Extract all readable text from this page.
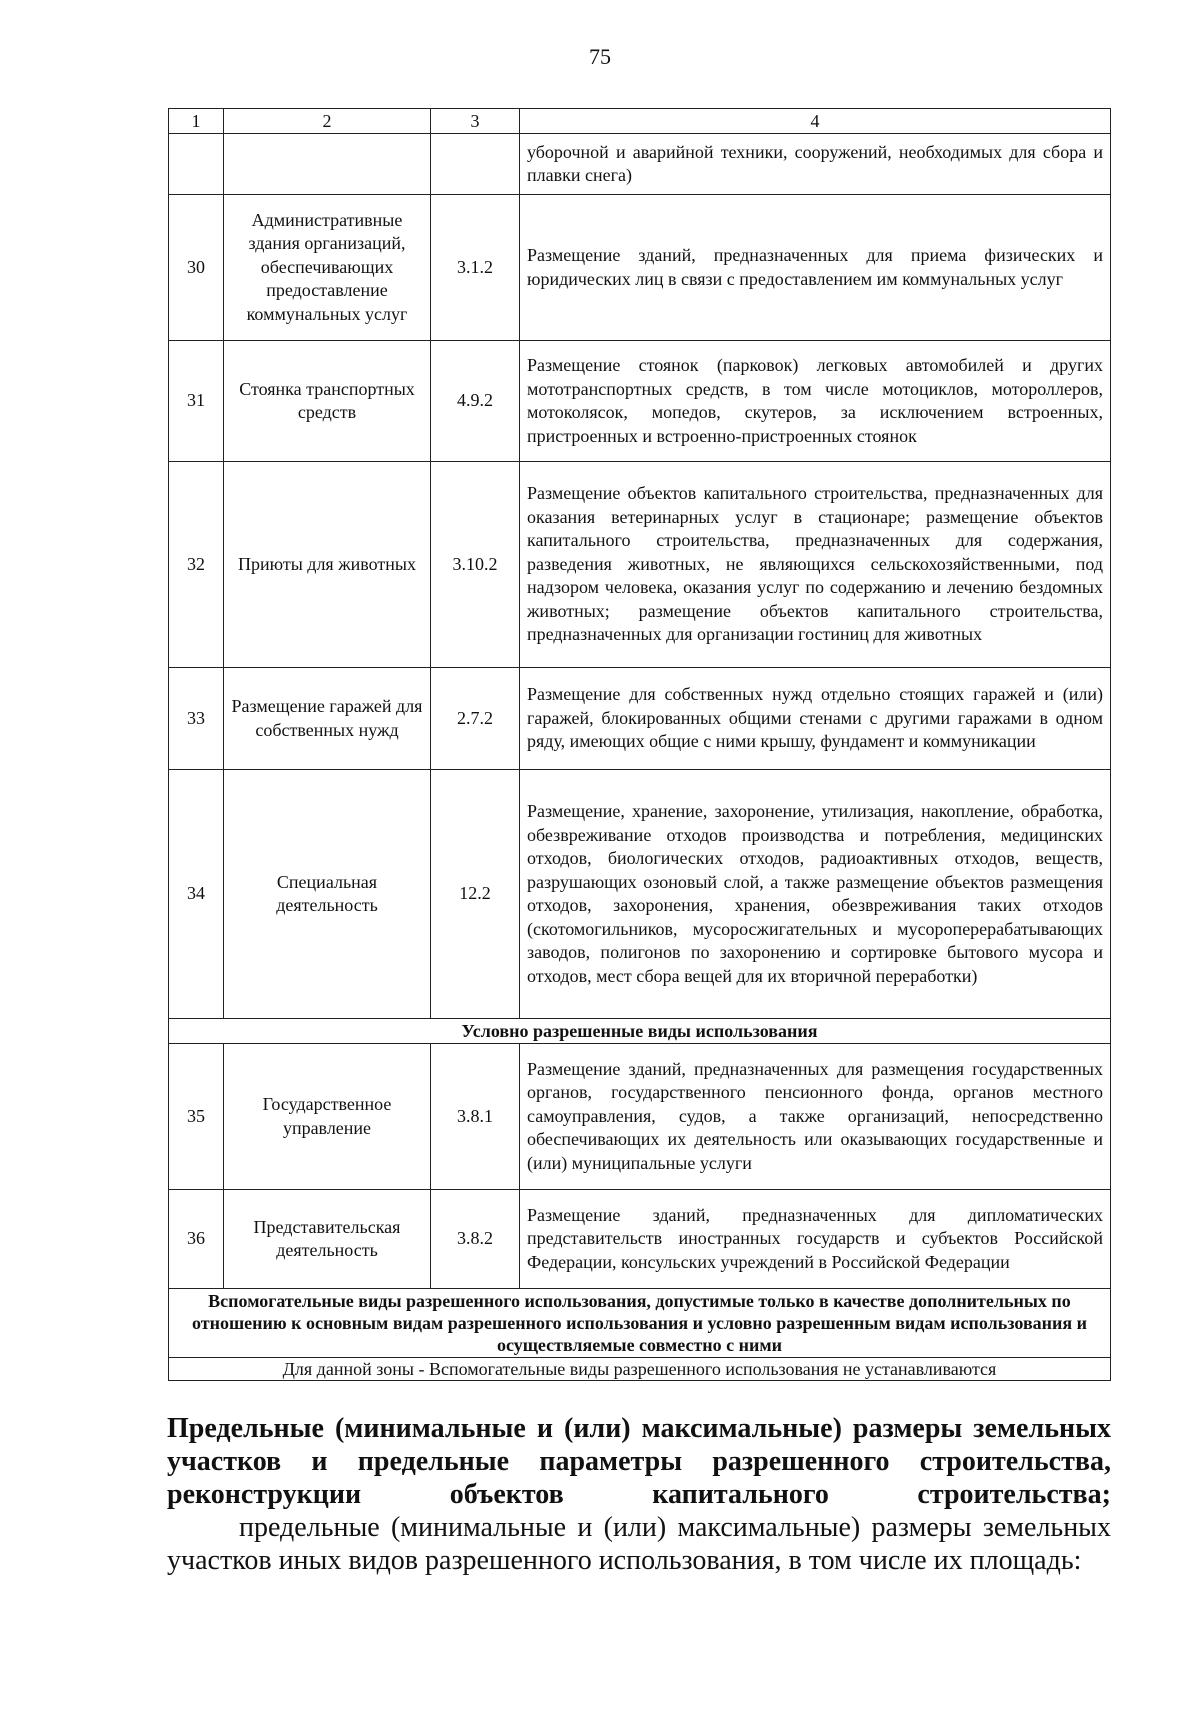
75
1	2	3	4
			уборочной и аварийной техники, сооружений, необходимых для сбора и плавки снега)
30	Административные здания организаций, обеспечивающих предоставление коммунальных услуг	3.1.2	Размещение зданий, предназначенных для приема физических и юридических лиц в связи с предоставлением им коммунальных услуг
31	Стоянка транспортных средств	4.9.2	Размещение стоянок (парковок) легковых автомобилей и других мототранспортных средств, в том числе мотоциклов, мотороллеров, мотоколясок, мопедов, скутеров, за исключением встроенных, пристроенных и встроенно-пристроенных стоянок
32	Приюты для животных	3.10.2	Размещение объектов капитального строительства, предназначенных для оказания ветеринарных услуг в стационаре; размещение объектов капитального строительства, предназначенных для содержания, разведения животных, не являющихся сельскохозяйственными, под надзором человека, оказания услуг по содержанию и лечению бездомных животных; размещение объектов капитального строительства, предназначенных для организации гостиниц для животных
33	Размещение гаражей для собственных нужд	2.7.2	Размещение для собственных нужд отдельно стоящих гаражей и (или) гаражей, блокированных общими стенами с другими гаражами в одном ряду, имеющих общие с ними крышу, фундамент и коммуникации
34	Специальная деятельность	12.2	Размещение, хранение, захоронение, утилизация, накопление, обработка, обезвреживание отходов производства и потребления, медицинских отходов, биологических отходов, радиоактивных отходов, веществ, разрушающих озоновый слой, а также размещение объектов размещения отходов, захоронения, хранения, обезвреживания таких отходов (скотомогильников, мусоросжигательных и мусороперерабатывающих заводов, полигонов по захоронению и сортировке бытового мусора и отходов, мест сбора вещей для их вторичной переработки)
Условно разрешенные виды использования			
35	Государственное управление	3.8.1	Размещение зданий, предназначенных для размещения государственных органов, государственного пенсионного фонда, органов местного самоуправления, судов, а также организаций, непосредственно обеспечивающих их деятельность или оказывающих государственные и (или) муниципальные услуги
36	Представительская деятельность	3.8.2	Размещение зданий, предназначенных для дипломатических представительств иностранных государств и субъектов Российской Федерации, консульских учреждений в Российской Федерации
Вспомогательные виды разрешенного использования, допустимые только в качестве дополнительных по отношению к основным видам разрешенного использования и условно разрешенным видам использования и осуществляемые совместно с ними			
Для данной зоны - Вспомогательные виды разрешенного использования не устанавливаются			
Предельные (минимальные и (или) максимальные) размеры земельных участков и предельные параметры разрешенного строительства, реконструкции объектов капитального строительства;
предельные (минимальные и (или) максимальные) размеры земельных участков иных видов разрешенного использования, в том числе их площадь:
